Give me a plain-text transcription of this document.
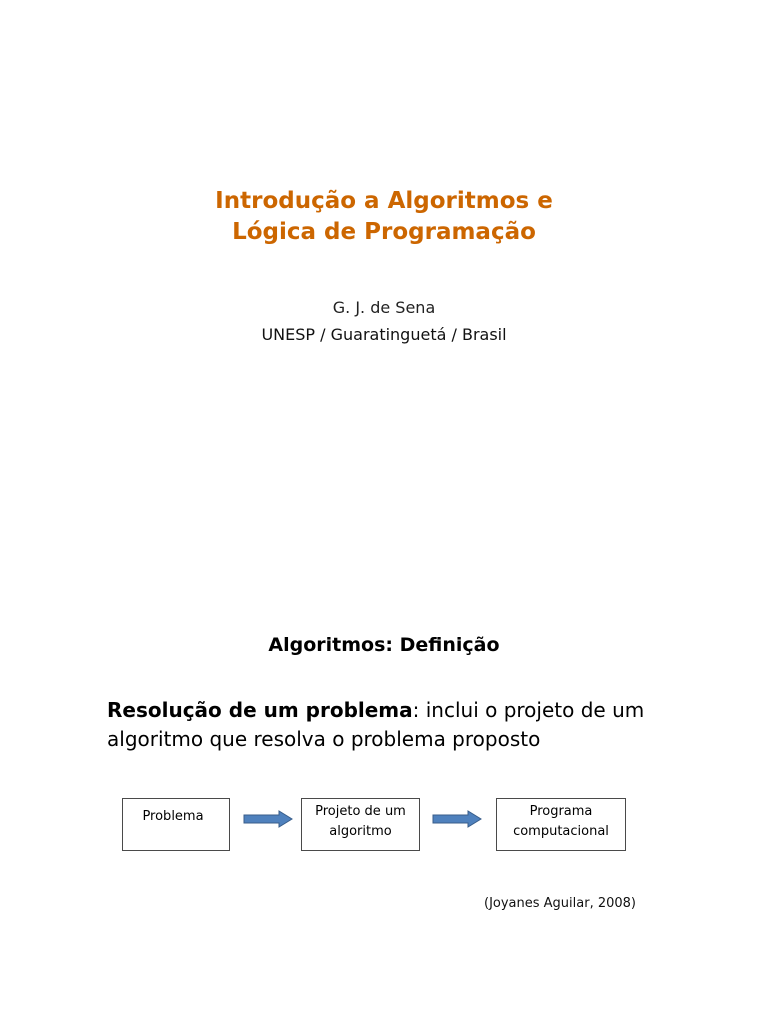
Introdução a Algoritmos e
Lógica de Programação
G. J. de Sena
UNESP / Guaratinguetá / Brasil
Algoritmos: Definição

Resolução de um problema: inclui o projeto de um algoritmo que resolva o problema proposto

Problema	Projeto de um
algoritmo
Programa
computacional
(Joyanes Aguilar, 2008)
